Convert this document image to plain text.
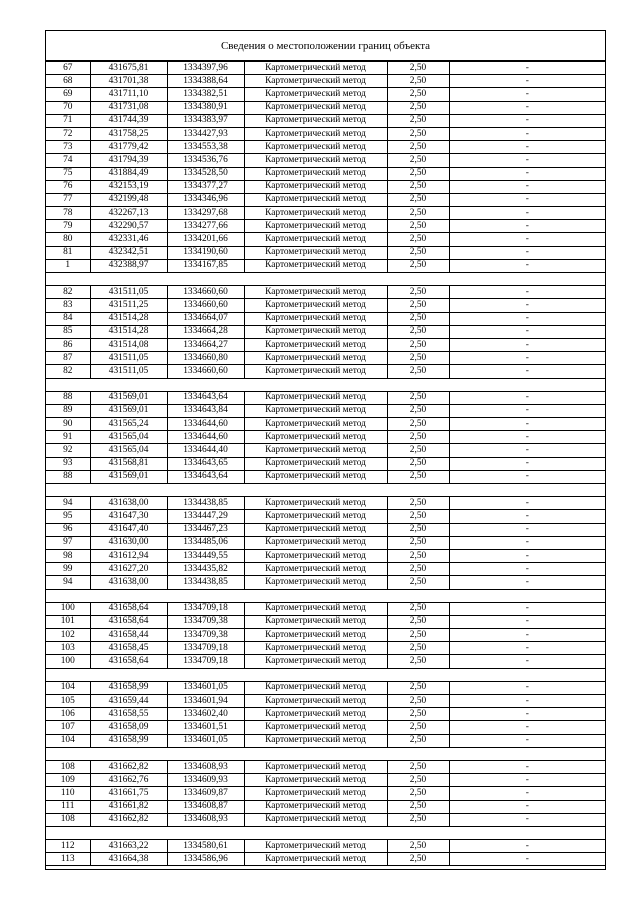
Сведения о местоположении границ объекта
67	431675,81	1334397,96	Картометрический метод	2,50	-
68	431701,38	1334388,64	Картометрический метод	2,50	-
69	431711,10	1334382,51	Картометрический метод	2,50	-
70	431731,08	1334380,91	Картометрический метод	2,50	-
71	431744,39	1334383,97	Картометрический метод	2,50	-
72	431758,25	1334427,93	Картометрический метод	2,50	-
73	431779,42	1334553,38	Картометрический метод	2,50	-
74	431794,39	1334536,76	Картометрический метод	2,50	-
75	431884,49	1334528,50	Картометрический метод	2,50	-
76	432153,19	1334377,27	Картометрический метод	2,50	-
77	432199,48	1334346,96	Картометрический метод	2,50	-
78	432267,13	1334297,68	Картометрический метод	2,50	-
79	432290,57	1334277,66	Картометрический метод	2,50	-
80	432331,46	1334201,66	Картометрический метод	2,50	-
81	432342,51	1334190,60	Картометрический метод	2,50	-
1	432388,97	1334167,85	Картометрический метод	2,50	-

82	431511,05	1334660,60	Картометрический метод	2,50	-
83	431511,25	1334660,60	Картометрический метод	2,50	-
84	431514,28	1334664,07	Картометрический метод	2,50	-
85	431514,28	1334664,28	Картометрический метод	2,50	-
86	431514,08	1334664,27	Картометрический метод	2,50	-
87	431511,05	1334660,80	Картометрический метод	2,50	-
82	431511,05	1334660,60	Картометрический метод	2,50	-

88	431569,01	1334643,64	Картометрический метод	2,50	-
89	431569,01	1334643,84	Картометрический метод	2,50	-
90	431565,24	1334644,60	Картометрический метод	2,50	-
91	431565,04	1334644,60	Картометрический метод	2,50	-
92	431565,04	1334644,40	Картометрический метод	2,50	-
93	431568,81	1334643,65	Картометрический метод	2,50	-
88	431569,01	1334643,64	Картометрический метод	2,50	-

94	431638,00	1334438,85	Картометрический метод	2,50	-
95	431647,30	1334447,29	Картометрический метод	2,50	-
96	431647,40	1334467,23	Картометрический метод	2,50	-
97	431630,00	1334485,06	Картометрический метод	2,50	-
98	431612,94	1334449,55	Картометрический метод	2,50	-
99	431627,20	1334435,82	Картометрический метод	2,50	-
94	431638,00	1334438,85	Картометрический метод	2,50	-

100	431658,64	1334709,18	Картометрический метод	2,50	-
101	431658,64	1334709,38	Картометрический метод	2,50	-
102	431658,44	1334709,38	Картометрический метод	2,50	-
103	431658,45	1334709,18	Картометрический метод	2,50	-
100	431658,64	1334709,18	Картометрический метод	2,50	-

104	431658,99	1334601,05	Картометрический метод	2,50	-
105	431659,44	1334601,94	Картометрический метод	2,50	-
106	431658,55	1334602,40	Картометрический метод	2,50	-
107	431658,09	1334601,51	Картометрический метод	2,50	-
104	431658,99	1334601,05	Картометрический метод	2,50	-

108	431662,82	1334608,93	Картометрический метод	2,50	-
109	431662,76	1334609,93	Картометрический метод	2,50	-
110	431661,75	1334609,87	Картометрический метод	2,50	-
111	431661,82	1334608,87	Картометрический метод	2,50	-
108	431662,82	1334608,93	Картометрический метод	2,50	-

112	431663,22	1334580,61	Картометрический метод	2,50	-
113	431664,38	1334586,96	Картометрический метод	2,50	-
